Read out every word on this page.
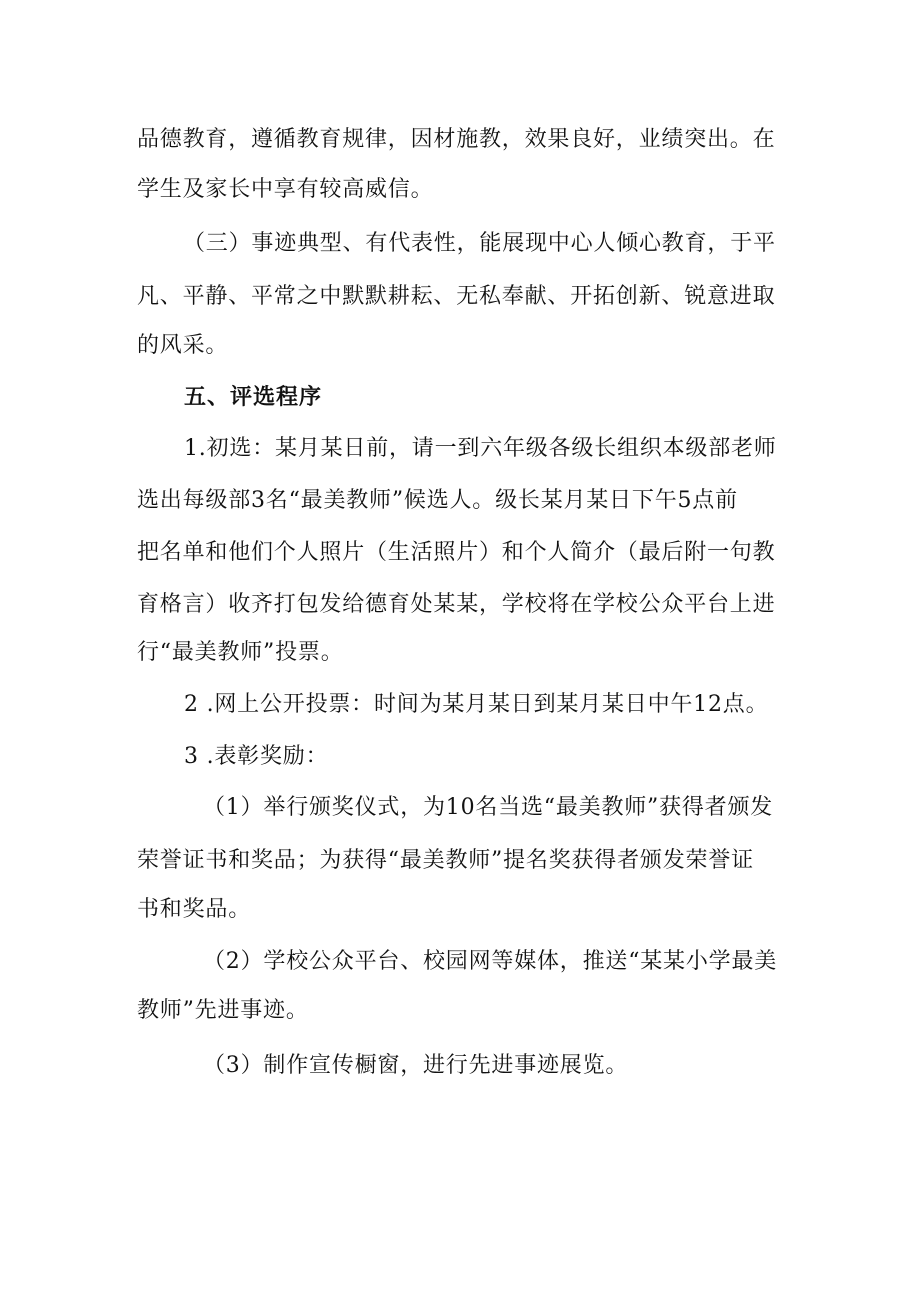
品德教育，遵循教育规律，因材施教，效果良好，业绩突出。在
学生及家长中享有较高威信。
（三）事迹典型、有代表性，能展现中心人倾心教育，于平
凡、平静、平常之中默默耕耘、无私奉献、开拓创新、锐意进取
的风采。
五、评选程序
1.初选：某月某日前，请一到六年级各级长组织本级部老师
选出每级部3名“最美教师”候选人。级长某月某日下午5点前
把名单和他们个人照片（生活照片）和个人简介（最后附一句教
育格言）收齐打包发给德育处某某，学校将在学校公众平台上进
行“最美教师”投票。
2 .网上公开投票：时间为某月某日到某月某日中午12点。
3 .表彰奖励：
（1）举行颁奖仪式，为10名当选“最美教师”获得者颁发
荣誉证书和奖品；为获得“最美教师”提名奖获得者颁发荣誉证
书和奖品。
（2）学校公众平台、校园网等媒体，推送“某某小学最美
教师”先进事迹。
（3）制作宣传橱窗，进行先进事迹展览。
